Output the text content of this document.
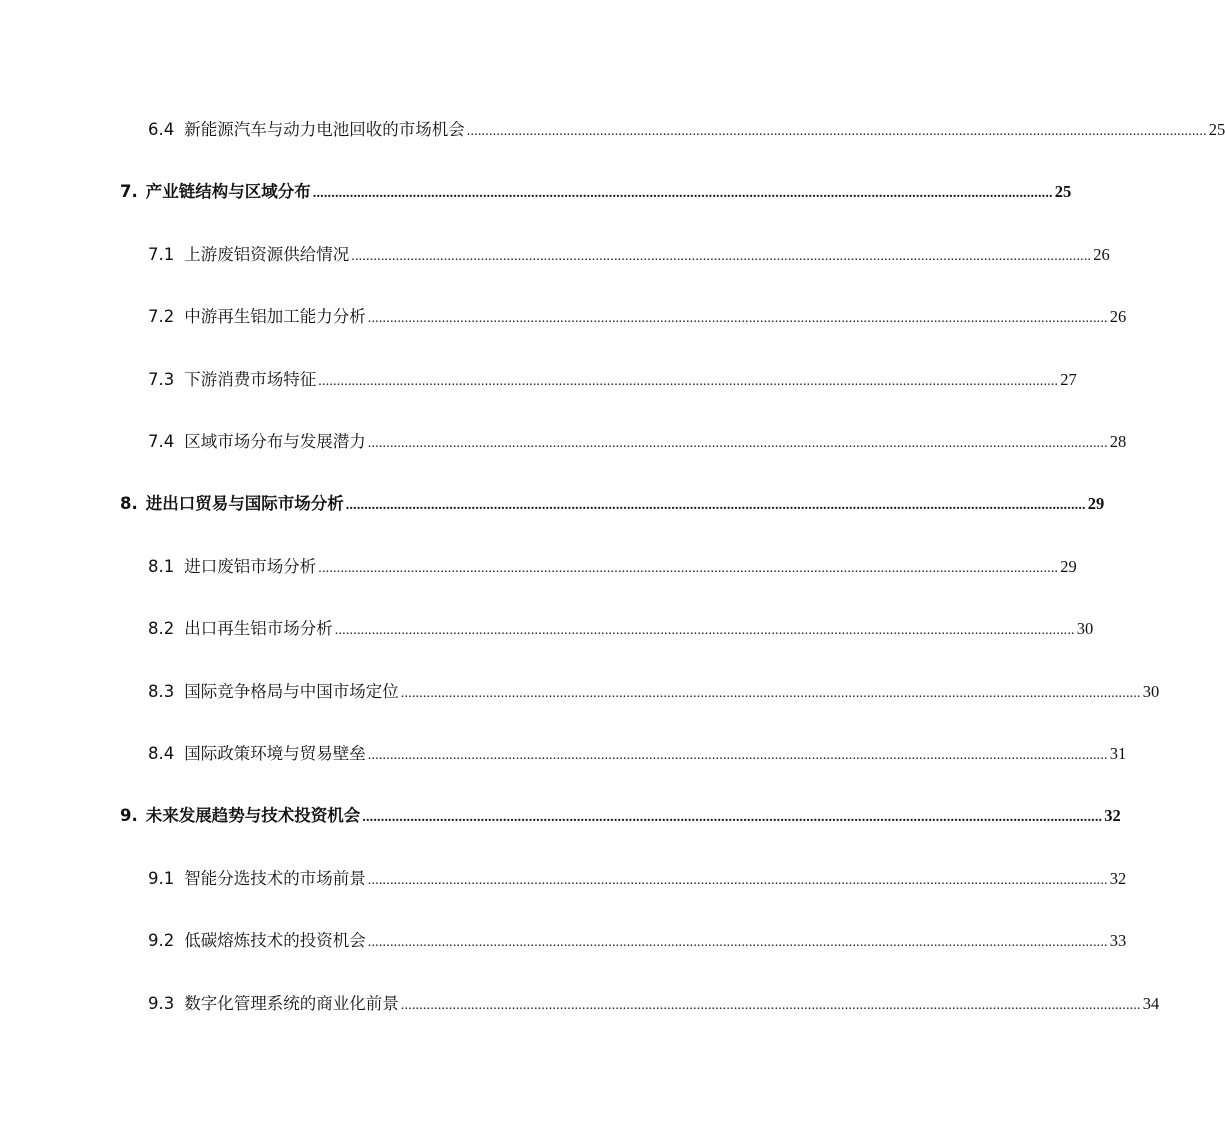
6.4 新能源汽车与动力电池回收的市场机会 ........................................................................................................................................................................................................ 25
7. 产业链结构与区域分布 ........................................................................................................................................................................................................ 25
7.1 上游废铝资源供给情况 ........................................................................................................................................................................................................ 26
7.2 中游再生铝加工能力分析 ........................................................................................................................................................................................................ 26
7.3 下游消费市场特征 ........................................................................................................................................................................................................ 27
7.4 区域市场分布与发展潜力 ........................................................................................................................................................................................................ 28
8. 进出口贸易与国际市场分析 ........................................................................................................................................................................................................ 29
8.1 进口废铝市场分析 ........................................................................................................................................................................................................ 29
8.2 出口再生铝市场分析 ........................................................................................................................................................................................................ 30
8.3 国际竞争格局与中国市场定位 ........................................................................................................................................................................................................ 30
8.4 国际政策环境与贸易壁垒 ........................................................................................................................................................................................................ 31
9. 未来发展趋势与技术投资机会 ........................................................................................................................................................................................................ 32
9.1 智能分选技术的市场前景 ........................................................................................................................................................................................................ 32
9.2 低碳熔炼技术的投资机会 ........................................................................................................................................................................................................ 33
9.3 数字化管理系统的商业化前景 ........................................................................................................................................................................................................ 34
